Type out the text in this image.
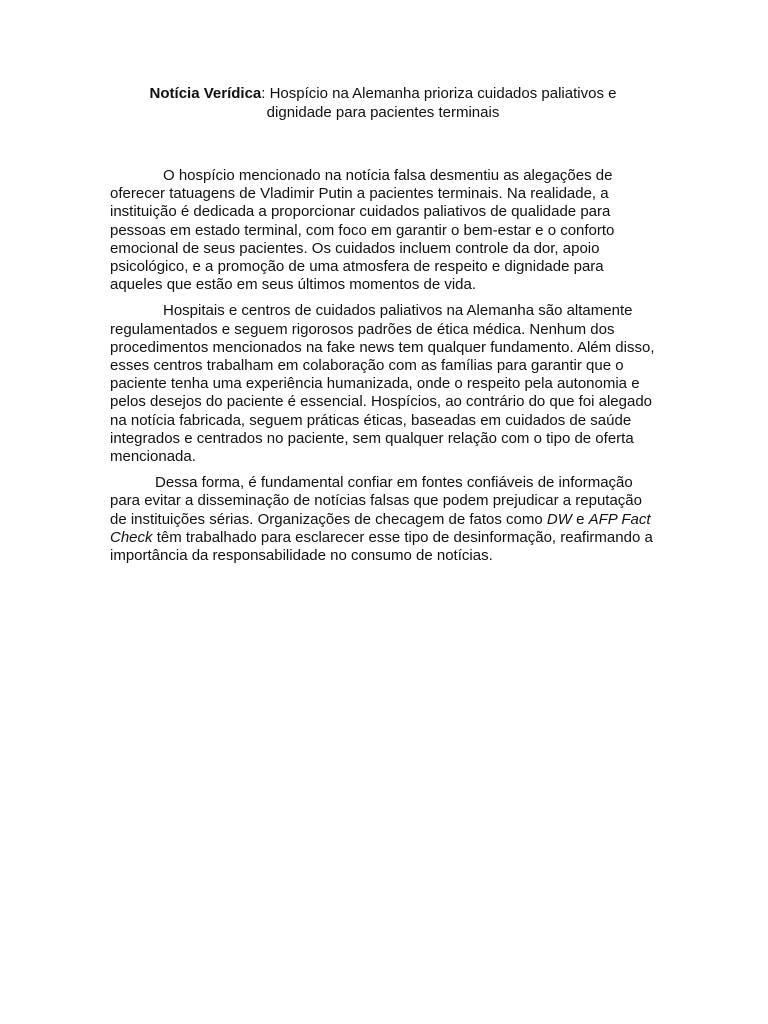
Notícia Verídica: Hospício na Alemanha prioriza cuidados paliativos e
dignidade para pacientes terminais

O hospício mencionado na notícia falsa desmentiu as alegações de oferecer tatuagens de Vladimir Putin a pacientes terminais. Na realidade, a instituição é dedicada a proporcionar cuidados paliativos de qualidade para pessoas em estado terminal, com foco em garantir o bem-estar e o conforto emocional de seus pacientes. Os cuidados incluem controle da dor, apoio psicológico, e a promoção de uma atmosfera de respeito e dignidade para aqueles que estão em seus últimos momentos de vida.

Hospitais e centros de cuidados paliativos na Alemanha são altamente regulamentados e seguem rigorosos padrões de ética médica. Nenhum dos procedimentos mencionados na fake news tem qualquer fundamento. Além disso, esses centros trabalham em colaboração com as famílias para garantir que o paciente tenha uma experiência humanizada, onde o respeito pela autonomia e pelos desejos do paciente é essencial. Hospícios, ao contrário do que foi alegado na notícia fabricada, seguem práticas éticas, baseadas em cuidados de saúde integrados e centrados no paciente, sem qualquer relação com o tipo de oferta mencionada.

Dessa forma, é fundamental confiar em fontes confiáveis de informação para evitar a disseminação de notícias falsas que podem prejudicar a reputação de instituições sérias. Organizações de checagem de fatos como DW e AFP Fact Check têm trabalhado para esclarecer esse tipo de desinformação, reafirmando a importância da responsabilidade no consumo de notícias.
